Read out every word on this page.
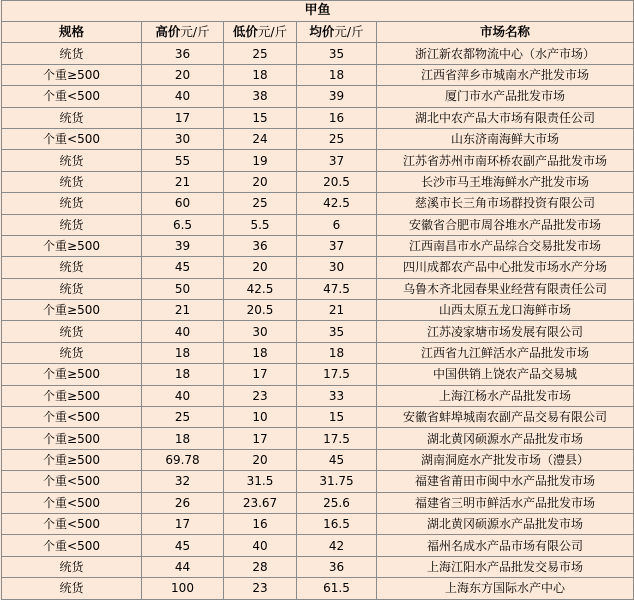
甲鱼				
规格	高价元/斤	低价元/斤	均价元/斤	市场名称
统货	36	25	35	浙江新农都物流中心（水产市场）
个重≥500	20	18	18	江西省萍乡市城南水产批发市场
个重<500	40	38	39	厦门市水产品批发市场
统货	17	15	16	湖北中农产品大市场有限责任公司
个重<500	30	24	25	山东济南海鲜大市场
统货	55	19	37	江苏省苏州市南环桥农副产品批发市场
统货	21	20	20.5	长沙市马王堆海鲜水产批发市场
统货	60	25	42.5	慈溪市长三角市场群投资有限公司
统货	6.5	5.5	6	安徽省合肥市周谷堆水产品批发市场
个重≥500	39	36	37	江西南昌市水产品综合交易批发市场
统货	45	20	30	四川成都农产品中心批发市场水产分场
统货	50	42.5	47.5	乌鲁木齐北园春果业经营有限责任公司
个重≥500	21	20.5	21	山西太原五龙口海鲜市场
统货	40	30	35	江苏凌家塘市场发展有限公司
统货	18	18	18	江西省九江鲜活水产品批发市场
个重≥500	18	17	17.5	中国供销上饶农产品交易城
个重≥500	40	23	33	上海江杨水产品批发市场
个重<500	25	10	15	安徽省蚌埠城南农副产品交易有限公司
个重≥500	18	17	17.5	湖北黄冈硕源水产品批发市场
个重≥500	69.78	20	45	湖南洞庭水产批发市场（澧县）
个重<500	32	31.5	31.75	福建省莆田市闽中水产品批发市场
个重<500	26	23.67	25.6	福建省三明市鲜活水产品批发市场
个重<500	17	16	16.5	湖北黄冈硕源水产品批发市场
个重<500	45	40	42	福州名成水产品市场有限公司
统货	44	28	36	上海江阳水产品批发交易市场
统货	100	23	61.5	上海东方国际水产中心
